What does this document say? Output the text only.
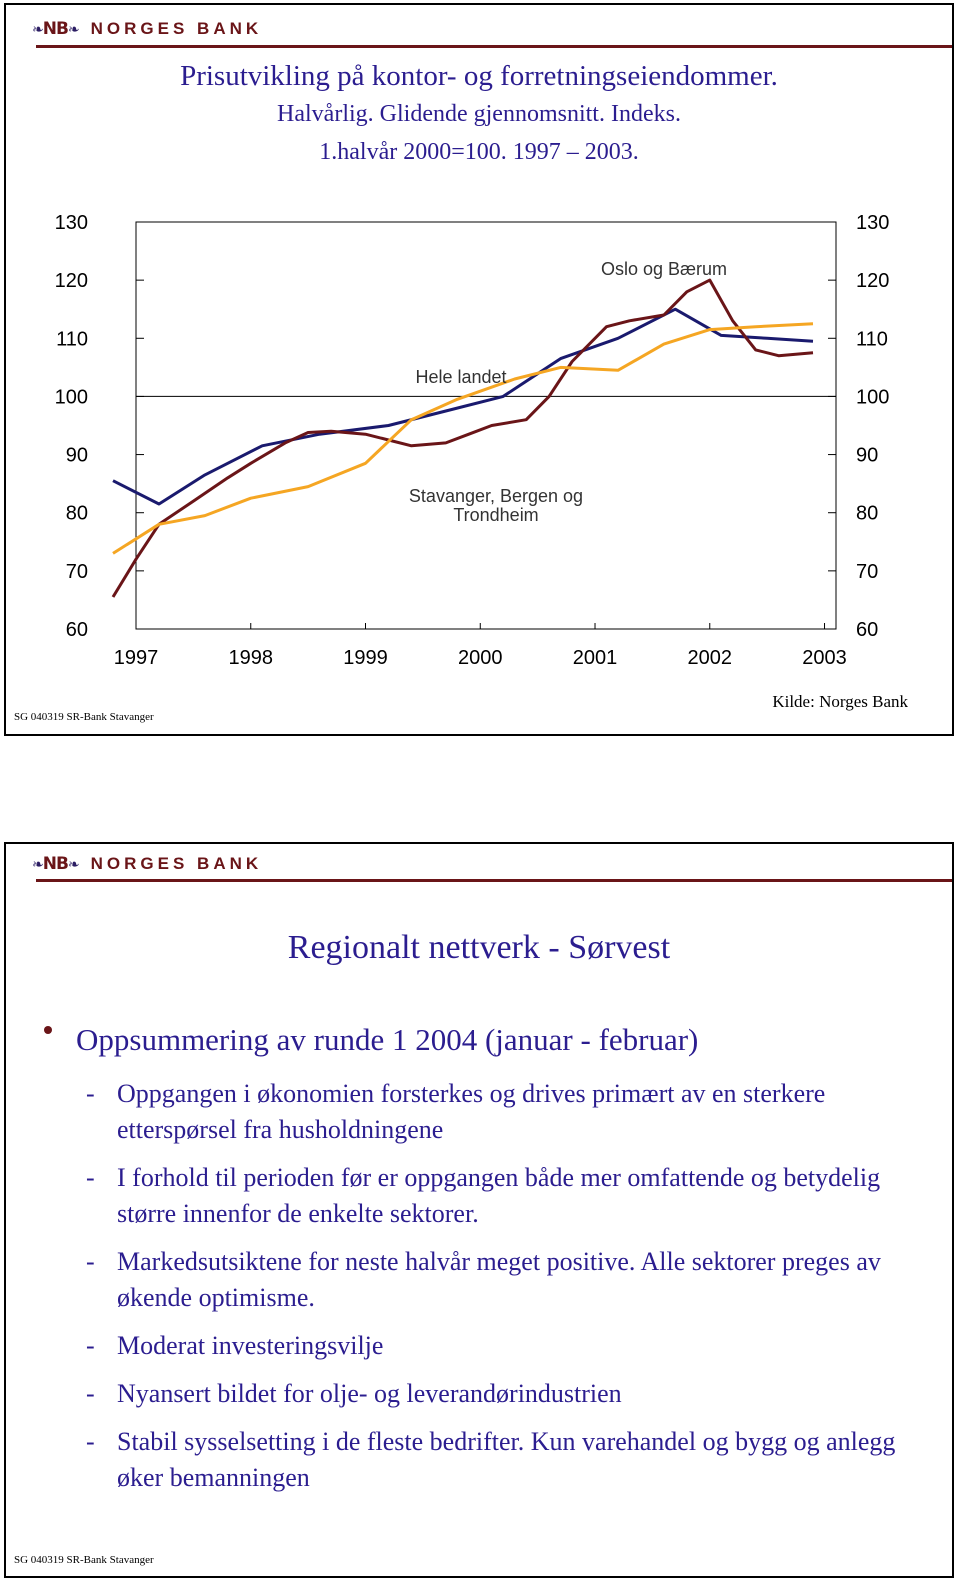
❧NB❧ NORGES BANK
Prisutvikling på kontor- og forretningseiendommer.
Halvårlig. Glidende gjennomsnitt. Indeks.
1.halvår 2000=100. 1997 – 2003.
60	60
70	70
80	80
90	90
100	100
110	110
120	120
130	130
1997	1998	1999	2000	2001	2002	2003
Oslo og Bærum
Hele landet
Stavanger, Bergen og
Trondheim
SG 040319 SR-Bank Stavanger
Kilde: Norges Bank
❧NB❧ NORGES BANK
Regionalt nettverk - Sørvest
Oppsummering av runde 1 2004 (januar - februar)
- Oppgangen i økonomien forsterkes og drives primært av en sterkere etterspørsel fra husholdningene
- I forhold til perioden før er oppgangen både mer omfattende og betydelig større innenfor de enkelte sektorer.
- Markedsutsiktene for neste halvår meget positive. Alle sektorer preges av økende optimisme.
- Moderat investeringsvilje
- Nyansert bildet for olje- og leverandørindustrien
- Stabil sysselsetting i de fleste bedrifter. Kun varehandel og bygg og anlegg øker bemanningen
SG 040319 SR-Bank Stavanger
